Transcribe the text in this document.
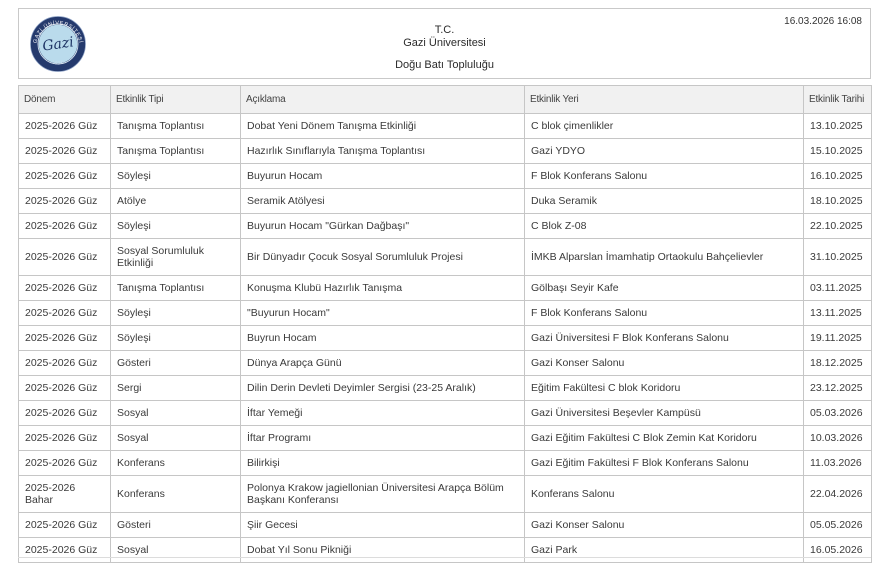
GAZİ ÜNİVERSİTESİ
1926
Gazi
T.C.
Gazi Üniversitesi
Doğu Batı Topluluğu
16.03.2026 16:08
Dönem	Etkinlik Tipi	Açıklama	Etkinlik Yeri	Etkinlik Tarihi
2025-2026 Güz	Tanışma Toplantısı	Dobat Yeni Dönem Tanışma Etkinliği	C blok çimenlikler	13.10.2025
2025-2026 Güz	Tanışma Toplantısı	Hazırlık Sınıflarıyla Tanışma Toplantısı	Gazi YDYO	15.10.2025
2025-2026 Güz	Söyleşi	Buyurun Hocam	F Blok Konferans Salonu	16.10.2025
2025-2026 Güz	Atölye	Seramik Atölyesi	Duka Seramik	18.10.2025
2025-2026 Güz	Söyleşi	Buyurun Hocam "Gürkan Dağbaşı"	C Blok Z-08	22.10.2025
2025-2026 Güz	Sosyal Sorumluluk Etkinliği	Bir Dünyadır Çocuk Sosyal Sorumluluk Projesi	İMKB Alparslan İmamhatip Ortaokulu Bahçelievler	31.10.2025
2025-2026 Güz	Tanışma Toplantısı	Konuşma Klubü Hazırlık Tanışma	Gölbaşı Seyir Kafe	03.11.2025
2025-2026 Güz	Söyleşi	"Buyurun Hocam"	F Blok Konferans Salonu	13.11.2025
2025-2026 Güz	Söyleşi	Buyrun Hocam	Gazi Üniversitesi F Blok Konferans Salonu	19.11.2025
2025-2026 Güz	Gösteri	Dünya Arapça Günü	Gazi Konser Salonu	18.12.2025
2025-2026 Güz	Sergi	Dilin Derin Devleti Deyimler Sergisi (23-25 Aralık)	Eğitim Fakültesi C blok Koridoru	23.12.2025
2025-2026 Güz	Sosyal	İftar Yemeği	Gazi Üniversitesi Beşevler Kampüsü	05.03.2026
2025-2026 Güz	Sosyal	İftar Programı	Gazi Eğitim Fakültesi C Blok Zemin Kat Koridoru	10.03.2026
2025-2026 Güz	Konferans	Bilirkişi	Gazi Eğitim Fakültesi F Blok Konferans Salonu	11.03.2026
2025-2026 Bahar	Konferans	Polonya Krakow jagiellonian Üniversitesi Arapça Bölüm Başkanı Konferansı	Konferans Salonu	22.04.2026
2025-2026 Güz	Gösteri	Şiir Gecesi	Gazi Konser Salonu	05.05.2026
2025-2026 Güz	Sosyal	Dobat Yıl Sonu Pikniği	Gazi Park	16.05.2026
